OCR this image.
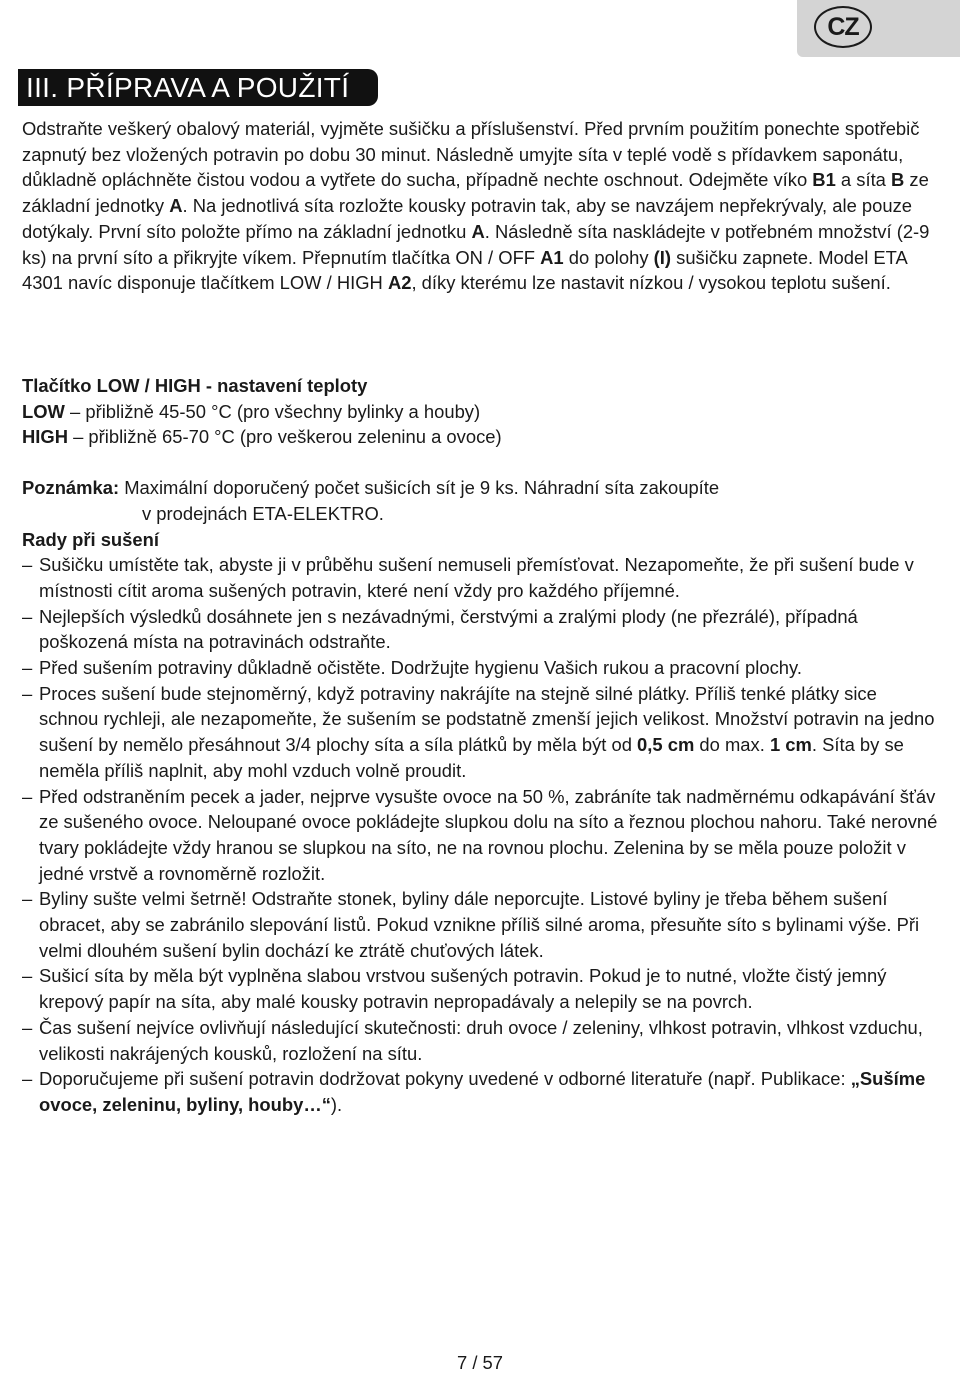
CZ
III. PŘÍPRAVA A POUŽITÍ

Odstraňte veškerý obalový materiál, vyjměte sušičku a příslušenství. Před prvním použitím ponechte spotřebič zapnutý bez vložených potravin po dobu 30 minut. Následně umyjte síta v teplé vodě s přídavkem saponátu, důkladně opláchněte čistou vodou a vytřete do sucha, případně nechte oschnout. Odejměte víko B1 a síta B ze základní jednotky A. Na jednotlivá síta rozložte kousky potravin tak, aby se navzájem nepřekrývaly, ale pouze dotýkaly. První síto položte přímo na základní jednotku A. Následně síta naskládejte v potřebném množství (2-9 ks) na první síto a přikryjte víkem. Přepnutím tlačítka ON / OFF A1 do polohy (I) sušičku zapnete. Model ETA 4301 navíc disponuje tlačítkem LOW / HIGH A2, díky kterému lze nastavit nízkou / vysokou teplotu sušení.

Tlačítko LOW / HIGH - nastavení teploty

LOW – přibližně 45-50 °C (pro všechny bylinky a houby)

HIGH – přibližně 65-70 °C (pro veškerou zeleninu a ovoce)

Poznámka: Maximální doporučený počet sušicích sít je 9 ks. Náhradní síta zakoupíte

v prodejnách ETA-ELEKTRO.

Rady při sušení

– Sušičku umístěte tak, abyste ji v průběhu sušení nemuseli přemísťovat. Nezapomeňte, že při sušení bude v místnosti cítit aroma sušených potravin, které není vždy pro každého příjemné.
– Nejlepších výsledků dosáhnete jen s nezávadnými, čerstvými a zralými plody (ne přezrálé), případná poškozená místa na potravinách odstraňte.
– Před sušením potraviny důkladně očistěte. Dodržujte hygienu Vašich rukou a pracovní plochy.
– Proces sušení bude stejnoměrný, když potraviny nakrájíte na stejně silné plátky. Příliš tenké plátky sice schnou rychleji, ale nezapomeňte, že sušením se podstatně zmenší jejich velikost. Množství potravin na jedno sušení by nemělo přesáhnout 3/4 plochy síta a síla plátků by měla být od 0,5 cm do max. 1 cm. Síta by se neměla příliš naplnit, aby mohl vzduch volně proudit.
– Před odstraněním pecek a jader, nejprve vysušte ovoce na 50 %, zabráníte tak nadměrnému odkapávání šťáv ze sušeného ovoce. Neloupané ovoce pokládejte slupkou dolu na síto a řeznou plochou nahoru. Také nerovné tvary pokládejte vždy hranou se slupkou na síto, ne na rovnou plochu. Zelenina by se měla pouze položit v jedné vrstvě a rovnoměrně rozložit.
– Byliny sušte velmi šetrně! Odstraňte stonek, byliny dále neporcujte. Listové byliny je třeba během sušení obracet, aby se zabránilo slepování listů. Pokud vznikne příliš silné aroma, přesuňte síto s bylinami výše. Při velmi dlouhém sušení bylin dochází ke ztrátě chuťových látek.
– Sušicí síta by měla být vyplněna slabou vrstvou sušených potravin. Pokud je to nutné, vložte čistý jemný krepový papír na síta, aby malé kousky potravin nepropadávaly a nelepily se na povrch.
– Čas sušení nejvíce ovlivňují následující skutečnosti: druh ovoce / zeleniny, vlhkost potravin, vlhkost vzduchu, velikosti nakrájených kousků, rozložení na sítu.
– Doporučujeme při sušení potravin dodržovat pokyny uvedené v odborné literatuře (např. Publikace: „Sušíme ovoce, zeleninu, byliny, houby…“).
7 / 57
